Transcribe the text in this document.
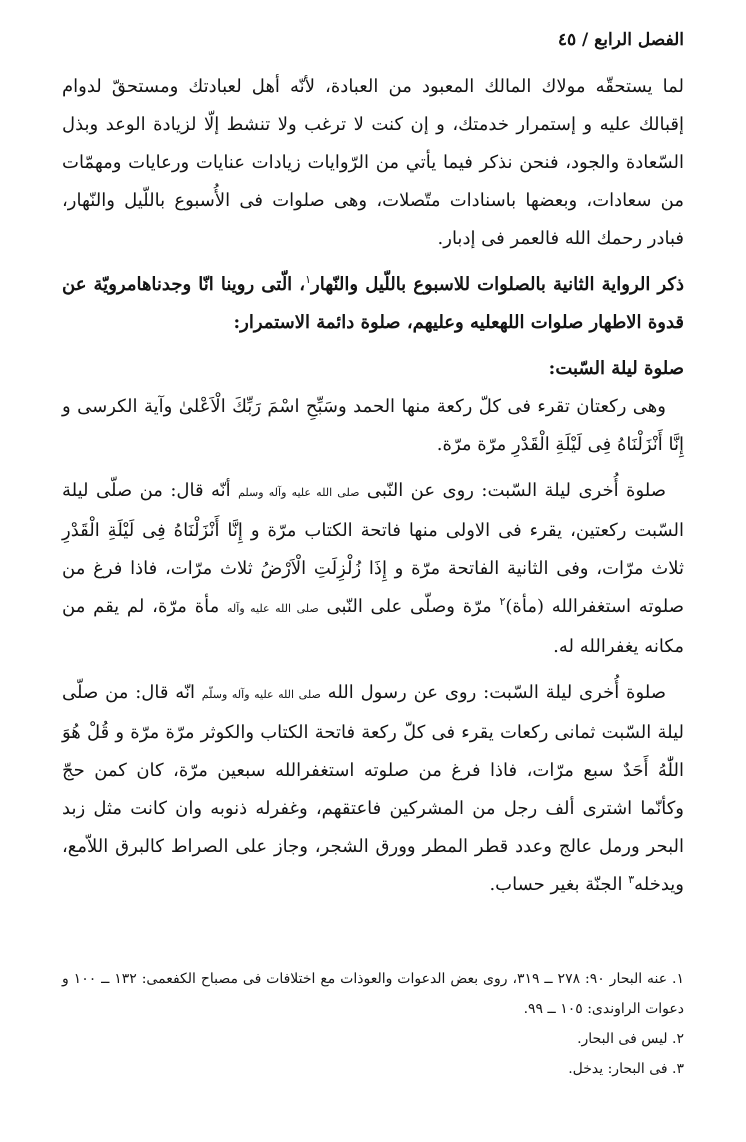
الفصل الرابع / ٤٥

لما يستحقّه مولاك المالك المعبود من العبادة، لأنّه أهل لعبادتك ومستحقّ لدوام إقبالك عليه و إستمرار خدمتك، و إن كنت لا ترغب ولا تنشط إلّا لزيادة الوعد وبذل السّعادة والجود، فنحن نذكر فيما يأتي من الرّوايات زيادات عنايات ورعايات ومهمّات من سعادات، وبعضها باسنادات متّصلات، وهى صلوات فى الأُسبوع باللّيل والنّهار، فبادر رحمك الله فالعمر فى إدبار.

ذكر الرواية الثانية بالصلوات للاسبوع باللّيل والنّهار$^١$، الّتى روينا انّا وجدناهامرويّة عن قدوة الاطهار صلوات اللهعليه وعليهم، صلوة دائمة الاستمرار:

صلوة ليلة السّبت:

وهى ركعتان تقرء فى كلّ ركعة منها الحمد وسَبِّحِ اسْمَ رَبِّكَ الْاَعْلىٰ وآية الكرسى و إِنَّا أَنْزَلْنَاهُ فِى لَيْلَةِ الْقَدْرِ مرّة مرّة.

صلوة أُخرى ليلة السّبت: روى عن النّبى صلى الله عليه وآله وسلم أنّه قال: من صلّى ليلة السّبت ركعتين، يقرء فى الاولى منها فاتحة الكتاب مرّة و إِنَّا أَنْزَلْنَاهُ فِى لَيْلَةِ الْقَدْرِ ثلاث مرّات، وفى الثانية الفاتحة مرّة و إِذَا زُلْزِلَتِ الْاَرْضُ ثلاث مرّات، فاذا فرغ من صلوته استغفرالله (مأة)$^٢$ مرّة وصلّى على النّبى صلى الله عليه وآله مأة مرّة، لم يقم من مكانه يغفرالله له.

صلوة أُخرى ليلة السّبت: روى عن رسول الله صلى الله عليه وآله وسلّم انّه قال: من صلّى ليلة السّبت ثمانى ركعات يقرء فى كلّ ركعة فاتحة الكتاب والكوثر مرّة مرّة و قُلْ هُوَ اللّٰهُ أَحَدٌ سبع مرّات، فاذا فرغ من صلوته استغفرالله سبعين مرّة، كان كمن حجّ وكأنّما اشترى ألف رجل من المشركين فاعتقهم، وغفرله ذنوبه وان كانت مثل زبد البحر ورمل عالج وعدد قطر المطر وورق الشجر، وجاز على الصراط كالبرق اللاّمع، ويدخله$^٣$ الجنّة بغير حساب.

١. عنه البحار ٩٠: ٢٧٨ ــ ٣١٩، روى بعض الدعوات والعوذات مع اختلافات فى مصباح الكفعمى: ١٣٢ ــ ١٠٠ و دعوات الراوندى: ١٠٥ ــ ٩٩.

٢. ليس فى البحار.

٣. فى البحار: يدخل.
